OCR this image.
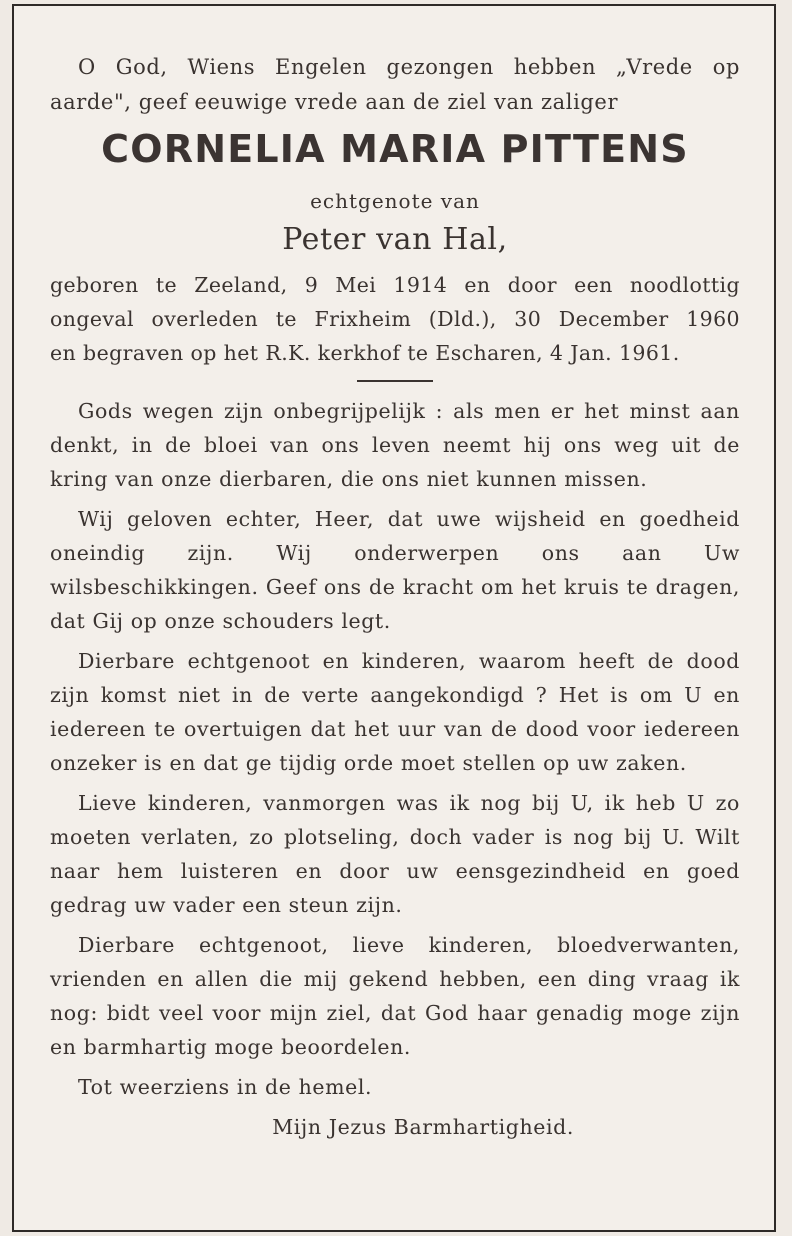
O God, Wiens Engelen gezongen hebben „Vrede op aarde", geef eeuwige vrede aan de ziel van zaliger

CORNELIA MARIA PITTENS
echtgenote van
Peter van Hal,
geboren te Zeeland, 9 Mei 1914 en door een noodlottig
ongeval overleden te Frixheim (Dld.), 30 December 1960
en begraven op het R.K. kerkhof te Escharen, 4 Jan. 1961.

Gods wegen zijn onbegrijpelijk : als men er het minst aan denkt, in de bloei van ons leven neemt hij ons weg uit de kring van onze dierbaren, die ons niet kunnen missen.

Wij geloven echter, Heer, dat uwe wijsheid en goedheid oneindig zijn. Wij onderwerpen ons aan Uw wilsbeschikkingen. Geef ons de kracht om het kruis te dragen, dat Gij op onze schouders legt.

Dierbare echtgenoot en kinderen, waarom heeft de dood zijn komst niet in de verte aangekondigd ? Het is om U en iedereen te overtuigen dat het uur van de dood voor iedereen onzeker is en dat ge tijdig orde moet stellen op uw zaken.

Lieve kinderen, vanmorgen was ik nog bij U, ik heb U zo moeten verlaten, zo plotseling, doch vader is nog bij U. Wilt naar hem luisteren en door uw eensgezindheid en goed gedrag uw vader een steun zijn.

Dierbare echtgenoot, lieve kinderen, bloedverwanten, vrienden en allen die mij gekend hebben, een ding vraag ik nog: bidt veel voor mijn ziel, dat God haar genadig moge zijn en barmhartig moge beoordelen.

Tot weerziens in de hemel.

Mijn Jezus Barmhartigheid.
